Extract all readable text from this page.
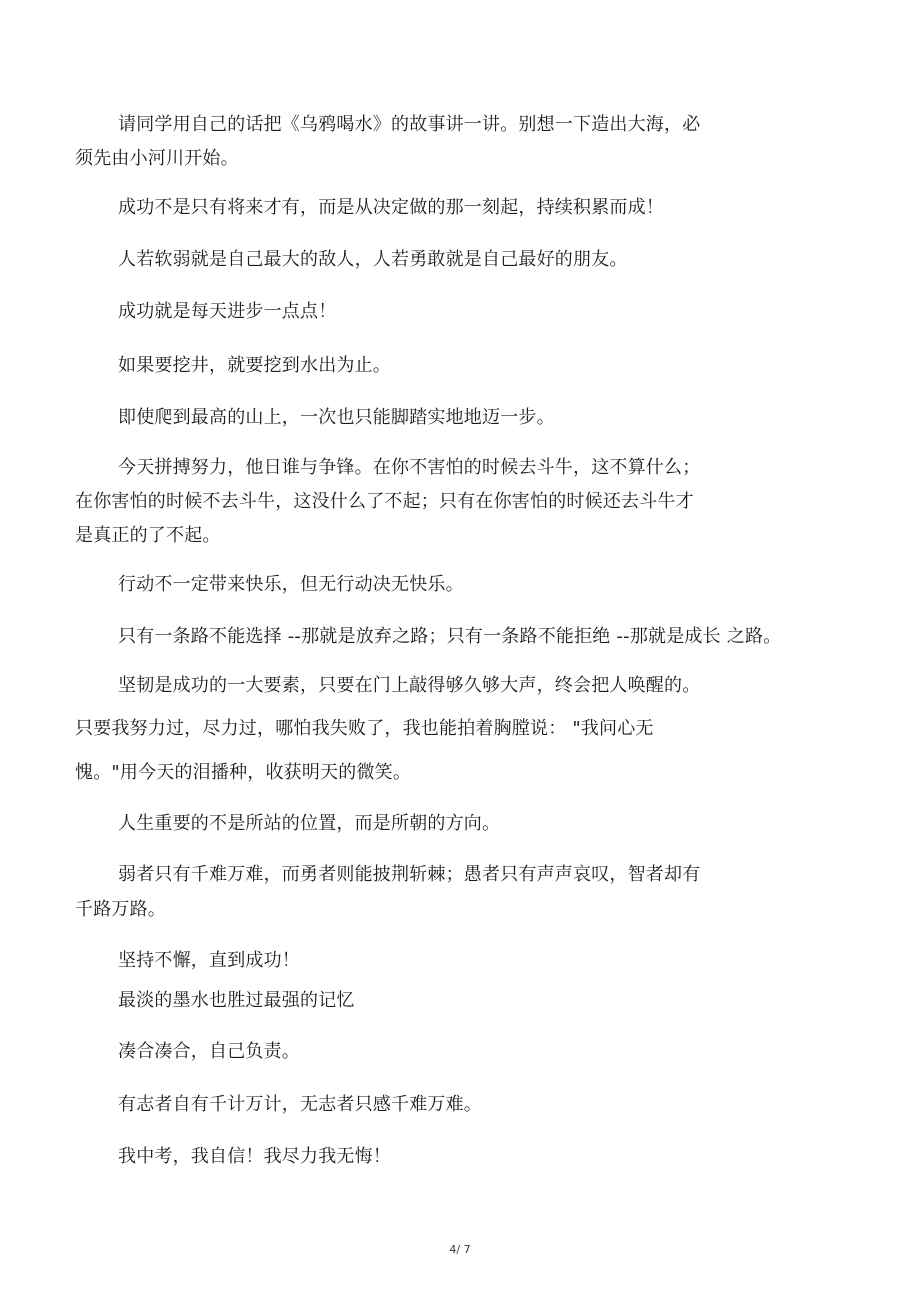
请同学用自己的话把《乌鸦喝水》的故事讲一讲。别想一下造出大海，必
须先由小河川开始。
成功不是只有将来才有，而是从决定做的那一刻起，持续积累而成！
人若软弱就是自己最大的敌人，人若勇敢就是自己最好的朋友。
成功就是每天进步一点点！
如果要挖井，就要挖到水出为止。
即使爬到最高的山上，一次也只能脚踏实地地迈一步。
今天拼搏努力，他日谁与争锋。在你不害怕的时候去斗牛，这不算什么；
在你害怕的时候不去斗牛，这没什么了不起；只有在你害怕的时候还去斗牛才
是真正的了不起。
行动不一定带来快乐，但无行动决无快乐。
只有一条路不能选择 --那就是放弃之路；只有一条路不能拒绝 --那就是成长 之路。
坚韧是成功的一大要素，只要在门上敲得够久够大声，终会把人唤醒的。
只要我努力过，尽力过，哪怕我失败了，我也能拍着胸膛说： "我问心无
愧。"用今天的泪播种，收获明天的微笑。
人生重要的不是所站的位置，而是所朝的方向。
弱者只有千难万难，而勇者则能披荆斩棘；愚者只有声声哀叹，智者却有
千路万路。
坚持不懈，直到成功！
最淡的墨水也胜过最强的记忆
凑合凑合，自己负责。
有志者自有千计万计，无志者只感千难万难。
我中考，我自信！我尽力我无悔！
4/ 7
